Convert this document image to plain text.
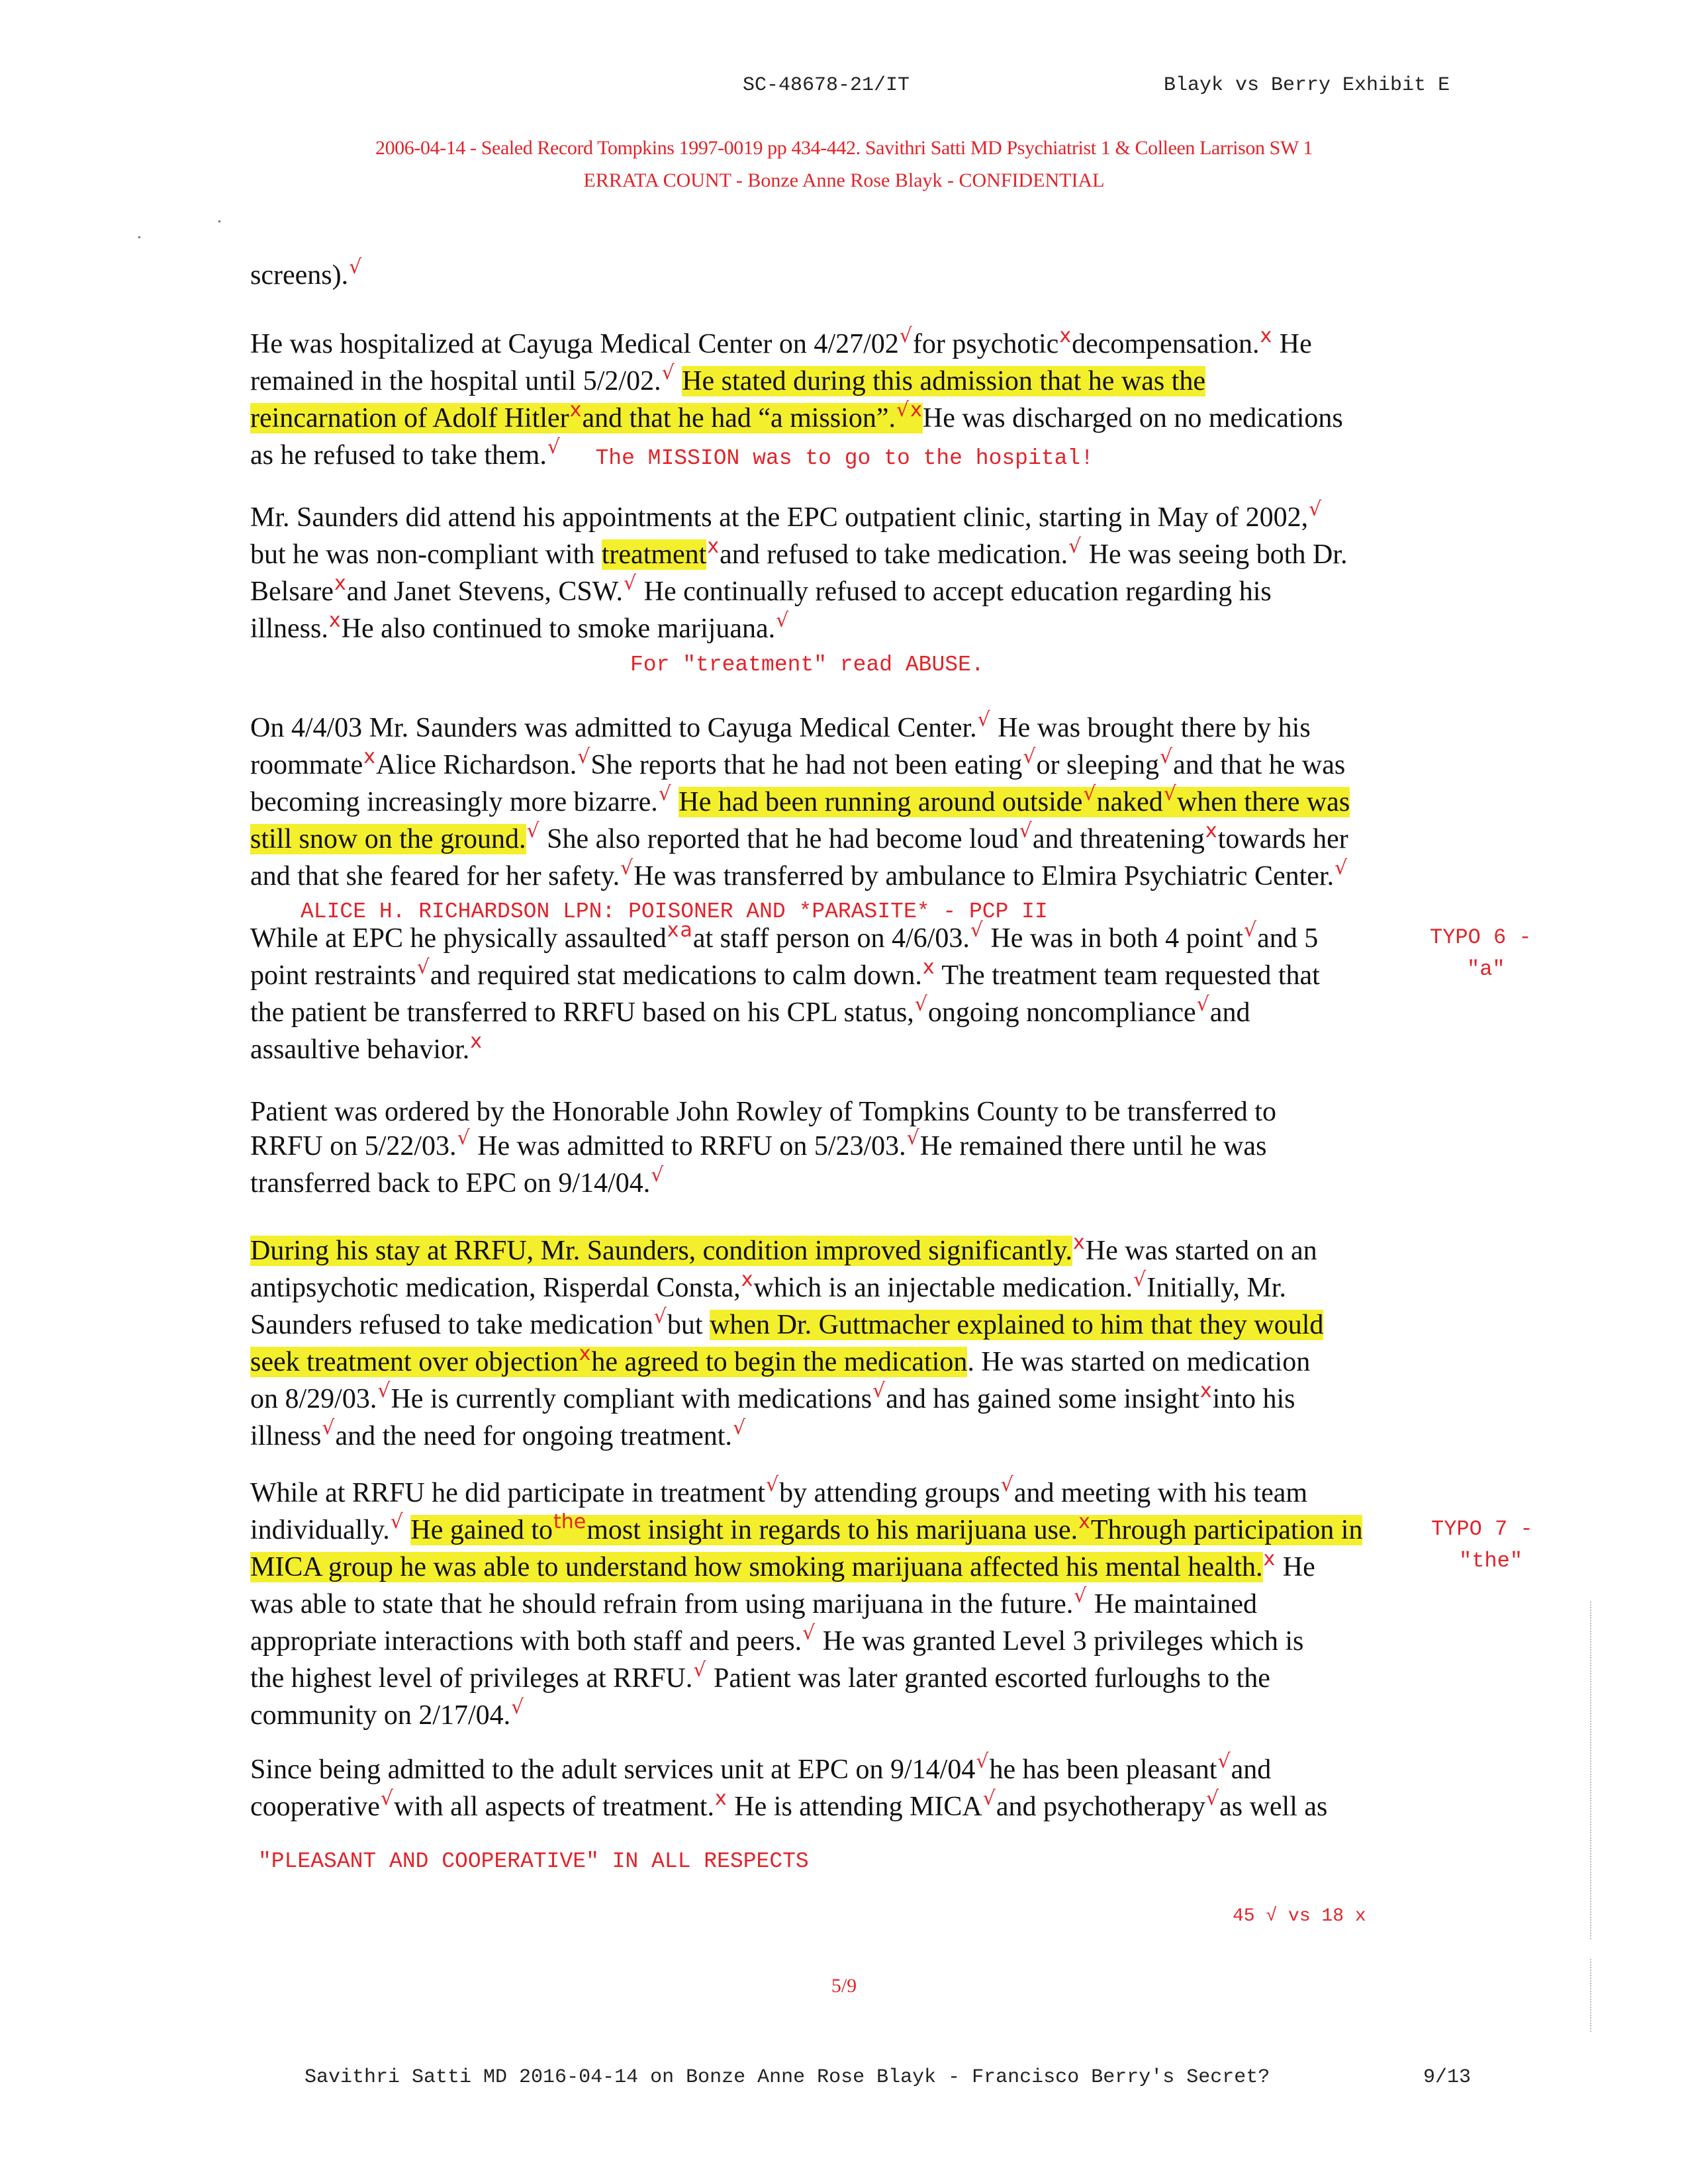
SC-48678-21/IT	Blayk vs Berry Exhibit E
2006-04-14 - Sealed Record Tompkins 1997-0019 pp 434-442. Savithri Satti MD Psychiatrist 1 & Colleen Larrison SW 1
ERRATA COUNT - Bonze Anne Rose Blayk - CONFIDENTIAL
screens).√
He was hospitalized at Cayuga Medical Center on 4/27/02√for psychotic$^x$decompensation.$^x$ He
remained in the hospital until 5/2/02.√ He stated during this admission that he was the
reincarnation of Adolf Hitler$^x$and that he had “a mission”.$^{√x}$He was discharged on no medications
as he refused to take them.√ The MISSION was to go to the hospital!
Mr. Saunders did attend his appointments at the EPC outpatient clinic, starting in May of 2002,√
but he was non-compliant with treatment$^x$and refused to take medication.√ He was seeing both Dr.
Belsare$^x$and Janet Stevens, CSW.√ He continually refused to accept education regarding his
illness.$^x$He also continued to smoke marijuana.√
For "treatment" read ABUSE.
On 4/4/03 Mr. Saunders was admitted to Cayuga Medical Center.√ He was brought there by his
roommate$^x$Alice Richardson.√She reports that he had not been eating√or sleeping√and that he was
becoming increasingly more bizarre.√ He had been running around outside√naked√when there was
still snow on the ground.√ She also reported that he had become loud√and threatening$^x$towards her
and that she feared for her safety.√He was transferred by ambulance to Elmira Psychiatric Center.√
ALICE H. RICHARDSON LPN: POISONER AND *PARASITE* - PCP II
While at EPC he physically assaulted$^{xa}$at staff person on 4/6/03.√ He was in both 4 point√and 5
point restraints√and required stat medications to calm down.$^x$ The treatment team requested that
the patient be transferred to RRFU based on his CPL status,√ongoing noncompliance√and
assaultive behavior.$^x$
Patient was ordered by the Honorable John Rowley of Tompkins County to be transferred to
RRFU on 5/22/03.√ He was admitted to RRFU on 5/23/03.√He remained there until he was
transferred back to EPC on 9/14/04.√
During his stay at RRFU, Mr. Saunders, condition improved significantly.$^x$He was started on an
antipsychotic medication, Risperdal Consta,$^x$which is an injectable medication.√Initially, Mr.
Saunders refused to take medication√but when Dr. Guttmacher explained to him that they would
seek treatment over objection$^x$he agreed to begin the medication. He was started on medication
on 8/29/03.√He is currently compliant with medications√and has gained some insight$^x$into his
illness√and the need for ongoing treatment.√
While at RRFU he did participate in treatment√by attending groups√and meeting with his team
individually.√ He gained $to^{the}most$ insight in regards to his marijuana use.$^x$Through participation in
MICA group he was able to understand how smoking marijuana affected his mental health.$^x$ He
was able to state that he should refrain from using marijuana in the future.√ He maintained
appropriate interactions with both staff and peers.√ He was granted Level 3 privileges which is
the highest level of privileges at RRFU.√ Patient was later granted escorted furloughs to the
community on 2/17/04.√
Since being admitted to the adult services unit at EPC on 9/14/04√he has been pleasant√and
cooperative√with all aspects of treatment.$^x$ He is attending MICA√and psychotherapy√as well as
TYPO 6 -
"a"
TYPO 7 -
"the"
"PLEASANT AND COOPERATIVE" IN ALL RESPECTS
45 √ vs 18 x
5/9
Savithri Satti MD 2016-04-14 on Bonze Anne Rose Blayk - Francisco Berry's Secret?	9/13
